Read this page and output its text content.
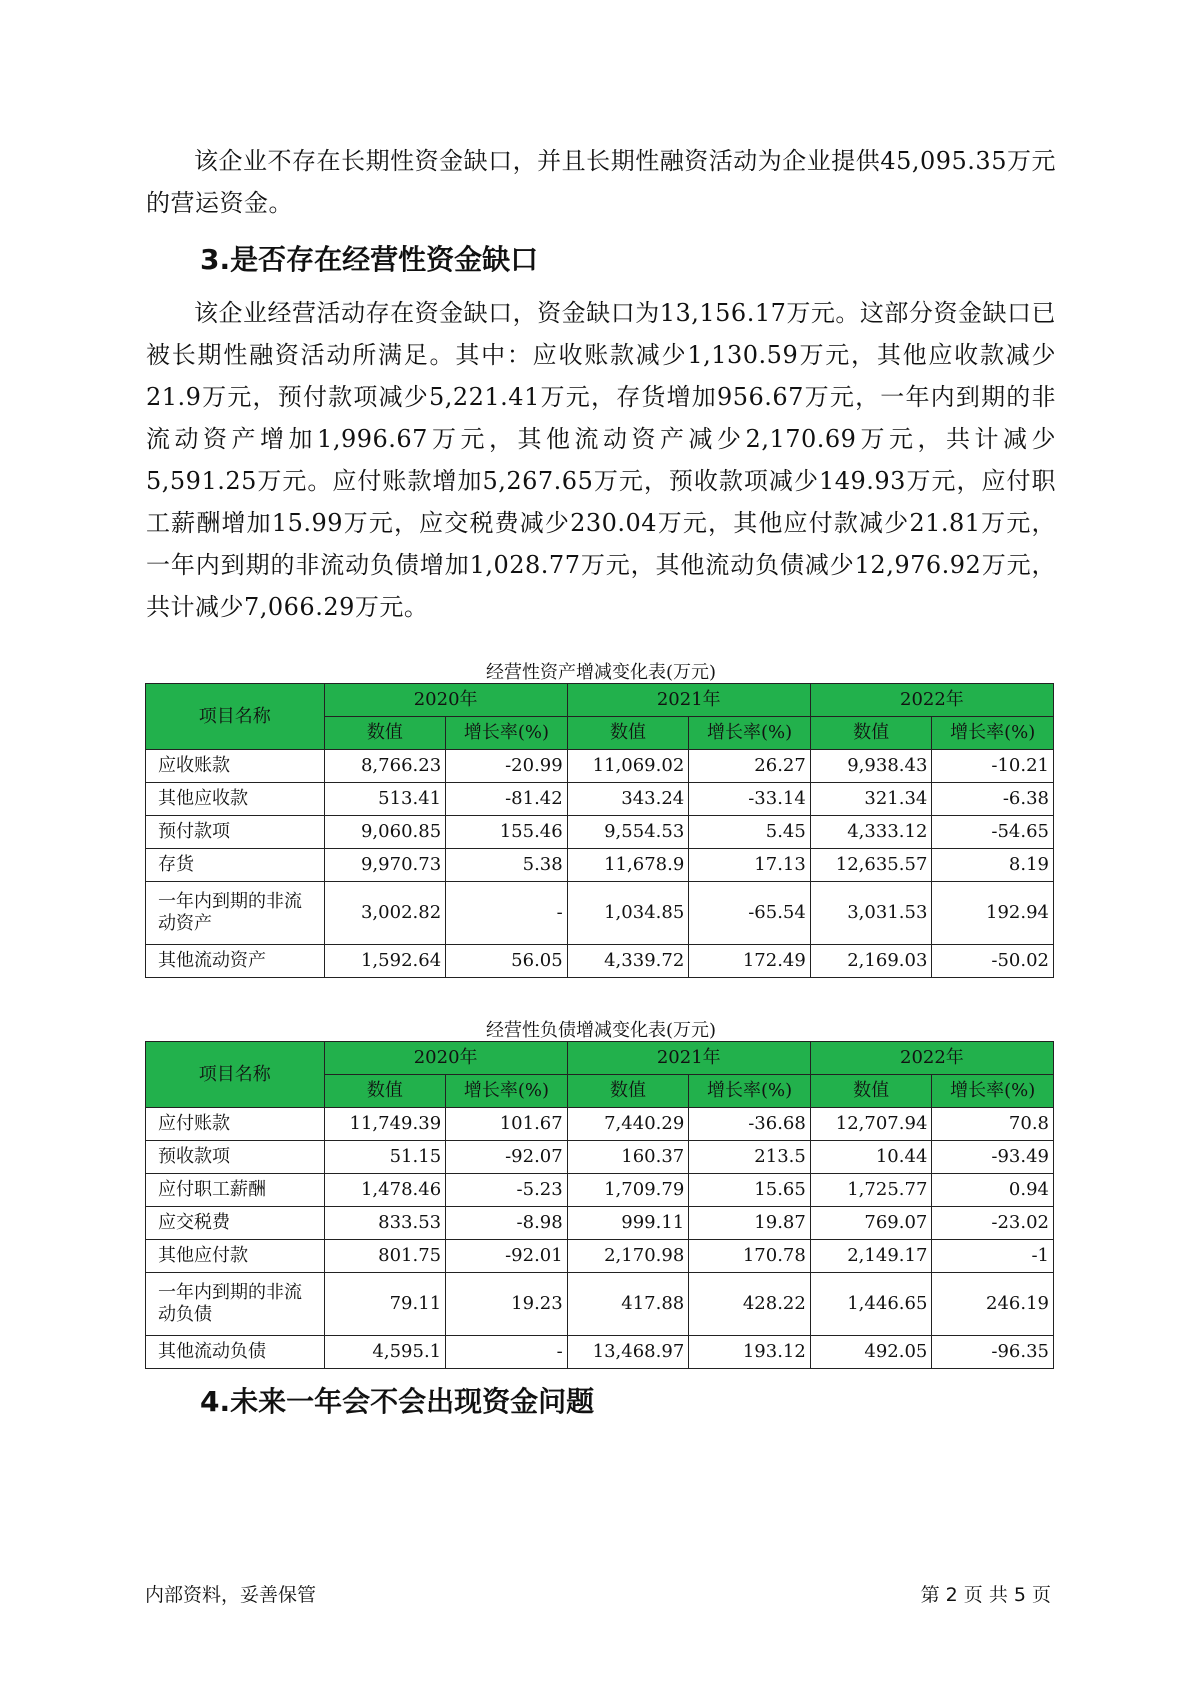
该企业不存在长期性资金缺口，并且长期性融资活动为企业提供45,095.35万元的营运资金。

3.是否存在经营性资金缺口

该企业经营活动存在资金缺口，资金缺口为13,156.17万元。这部分资金缺口已被长期性融资活动所满足。其中：应收账款减少1,130.59万元，其他应收款减少21.9万元，预付款项减少5,221.41万元，存货增加956.67万元，一年内到期的非流动资产增加1,996.67万元，其他流动资产减少2,170.69万元，共计减少5,591.25万元。应付账款增加5,267.65万元，预收款项减少149.93万元，应付职工薪酬增加15.99万元，应交税费减少230.04万元，其他应付款减少21.81万元，一年内到期的非流动负债增加1,028.77万元，其他流动负债减少12,976.92万元，共计减少7,066.29万元。

经营性资产增减变化表(万元)
项目名称	2020年		2021年		2022年	
	数值	增长率(%)	数值	增长率(%)	数值	增长率(%)
应收账款	8,766.23	-20.99	11,069.02	26.27	9,938.43	-10.21
其他应收款	513.41	-81.42	343.24	-33.14	321.34	-6.38
预付款项	9,060.85	155.46	9,554.53	5.45	4,333.12	-54.65
存货	9,970.73	5.38	11,678.9	17.13	12,635.57	8.19
一年内到期的非流动资产	3,002.82	-	1,034.85	-65.54	3,031.53	192.94
其他流动资产	1,592.64	56.05	4,339.72	172.49	2,169.03	-50.02
经营性负债增减变化表(万元)
项目名称	2020年		2021年		2022年	
	数值	增长率(%)	数值	增长率(%)	数值	增长率(%)
应付账款	11,749.39	101.67	7,440.29	-36.68	12,707.94	70.8
预收款项	51.15	-92.07	160.37	213.5	10.44	-93.49
应付职工薪酬	1,478.46	-5.23	1,709.79	15.65	1,725.77	0.94
应交税费	833.53	-8.98	999.11	19.87	769.07	-23.02
其他应付款	801.75	-92.01	2,170.98	170.78	2,149.17	-1
一年内到期的非流动负债	79.11	19.23	417.88	428.22	1,446.65	246.19
其他流动负债	4,595.1	-	13,468.97	193.12	492.05	-96.35
4.未来一年会不会出现资金问题
内部资料，妥善保管	第 2 页 共 5 页
